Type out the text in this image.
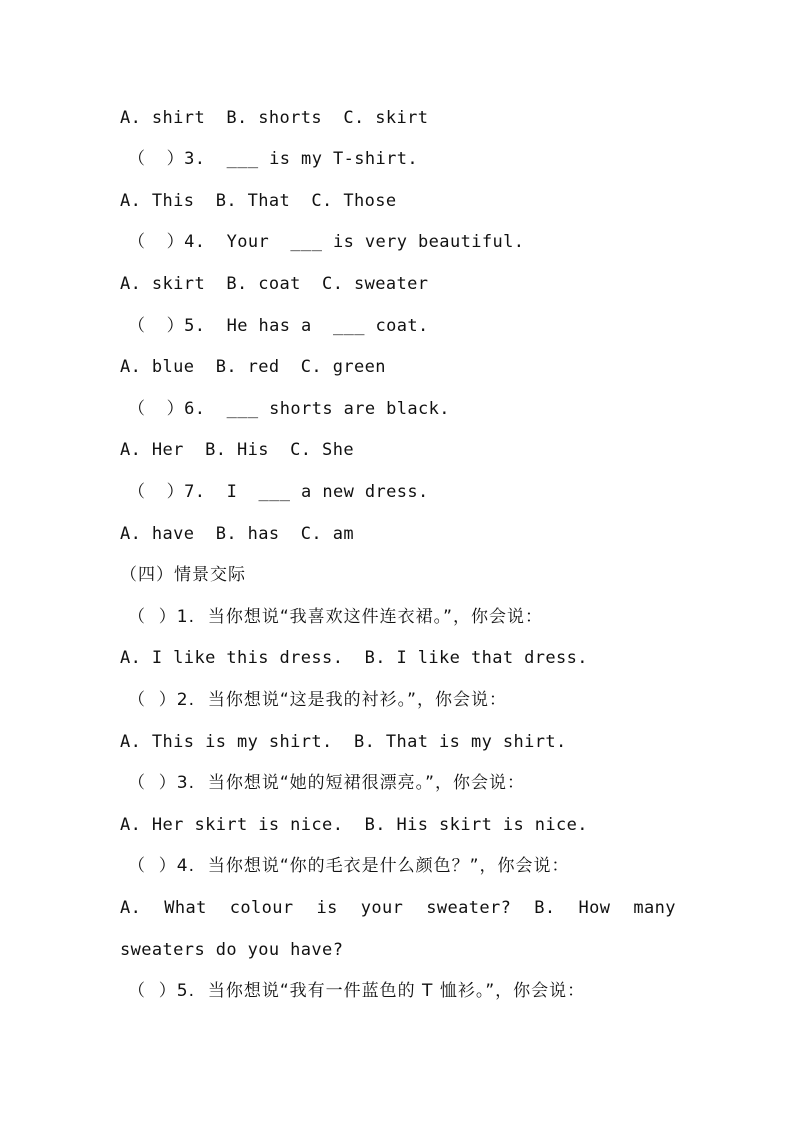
A. shirt  B. shorts  C. skirt
（  ）3.  ___ is my T-shirt.
A. This  B. That  C. Those
（  ）4.  Your  ___ is very beautiful.
A. skirt  B. coat  C. sweater
（  ）5.  He has a  ___ coat.
A. blue  B. red  C. green
（  ）6.  ___ shorts are black.
A. Her  B. His  C. She
（  ）7.  I  ___ a new dress.
A. have  B. has  C. am
（四）情景交际
（  ）1.  当你想说“我喜欢这件连衣裙。”，你会说：
A. I like this dress.  B. I like that dress.
（  ）2.  当你想说“这是我的衬衫。”，你会说：
A. This is my shirt.  B. That is my shirt.
（  ）3.  当你想说“她的短裙很漂亮。”，你会说：
A. Her skirt is nice.  B. His skirt is nice.
（  ）4.  当你想说“你的毛衣是什么颜色？”，你会说：
A. What colour is your sweater? B. How many
sweaters do you have?
（  ）5.  当你想说“我有一件蓝色的 T 恤衫。”，你会说：
